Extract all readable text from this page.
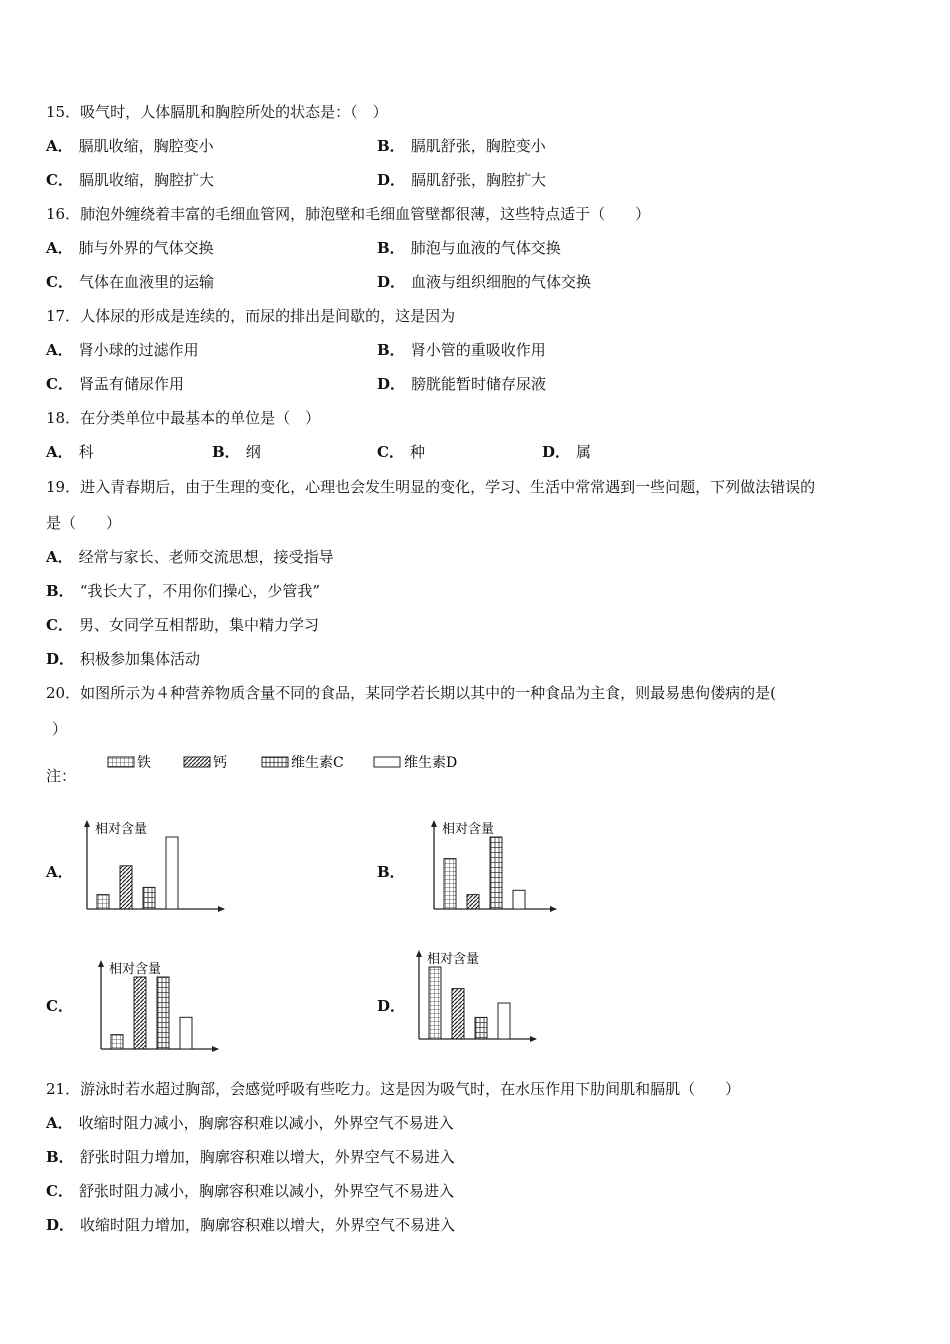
15．吸气时，人体膈肌和胸腔所处的状态是：（　）
A． 膈肌收缩，胸腔变小	B． 膈肌舒张，胸腔变小
C． 膈肌收缩，胸腔扩大	D． 膈肌舒张，胸腔扩大
16．肺泡外缠绕着丰富的毛细血管网，肺泡壁和毛细血管壁都很薄，这些特点适于（　　）
A． 肺与外界的气体交换	B． 肺泡与血液的气体交换
C． 气体在血液里的运输	D． 血液与组织细胞的气体交换
17．人体尿的形成是连续的，而尿的排出是间歇的，这是因为
A． 肾小球的过滤作用	B． 肾小管的重吸收作用
C． 肾盂有储尿作用	D． 膀胱能暂时储存尿液
18．在分类单位中最基本的单位是（　）
A． 科	B． 纲	C． 种	D． 属
19．进入青春期后，由于生理的变化，心理也会发生明显的变化，学习、生活中常常遇到一些问题，下列做法错误的
是（　　）
A． 经常与家长、老师交流思想，接受指导
B． “我长大了，不用你们操心，少管我”
C． 男、女同学互相帮助，集中精力学习
D． 积极参加集体活动
20．如图所示为４种营养物质含量不同的食品，某同学若长期以其中的一种食品为主食，则最易患佝偻病的是(
）
注：
铁	钙	维生素C	维生素D
A．	B．
C．	D．
相对含量	相对含量
相对含量
相对含量
21．游泳时若水超过胸部，会感觉呼吸有些吃力。这是因为吸气时，在水压作用下肋间肌和膈肌（　　）
A． 收缩时阻力减小，胸廓容积难以减小，外界空气不易进入
B． 舒张时阻力增加，胸廓容积难以增大，外界空气不易进入
C． 舒张时阻力减小，胸廓容积难以减小，外界空气不易进入
D． 收缩时阻力增加，胸廓容积难以增大，外界空气不易进入
